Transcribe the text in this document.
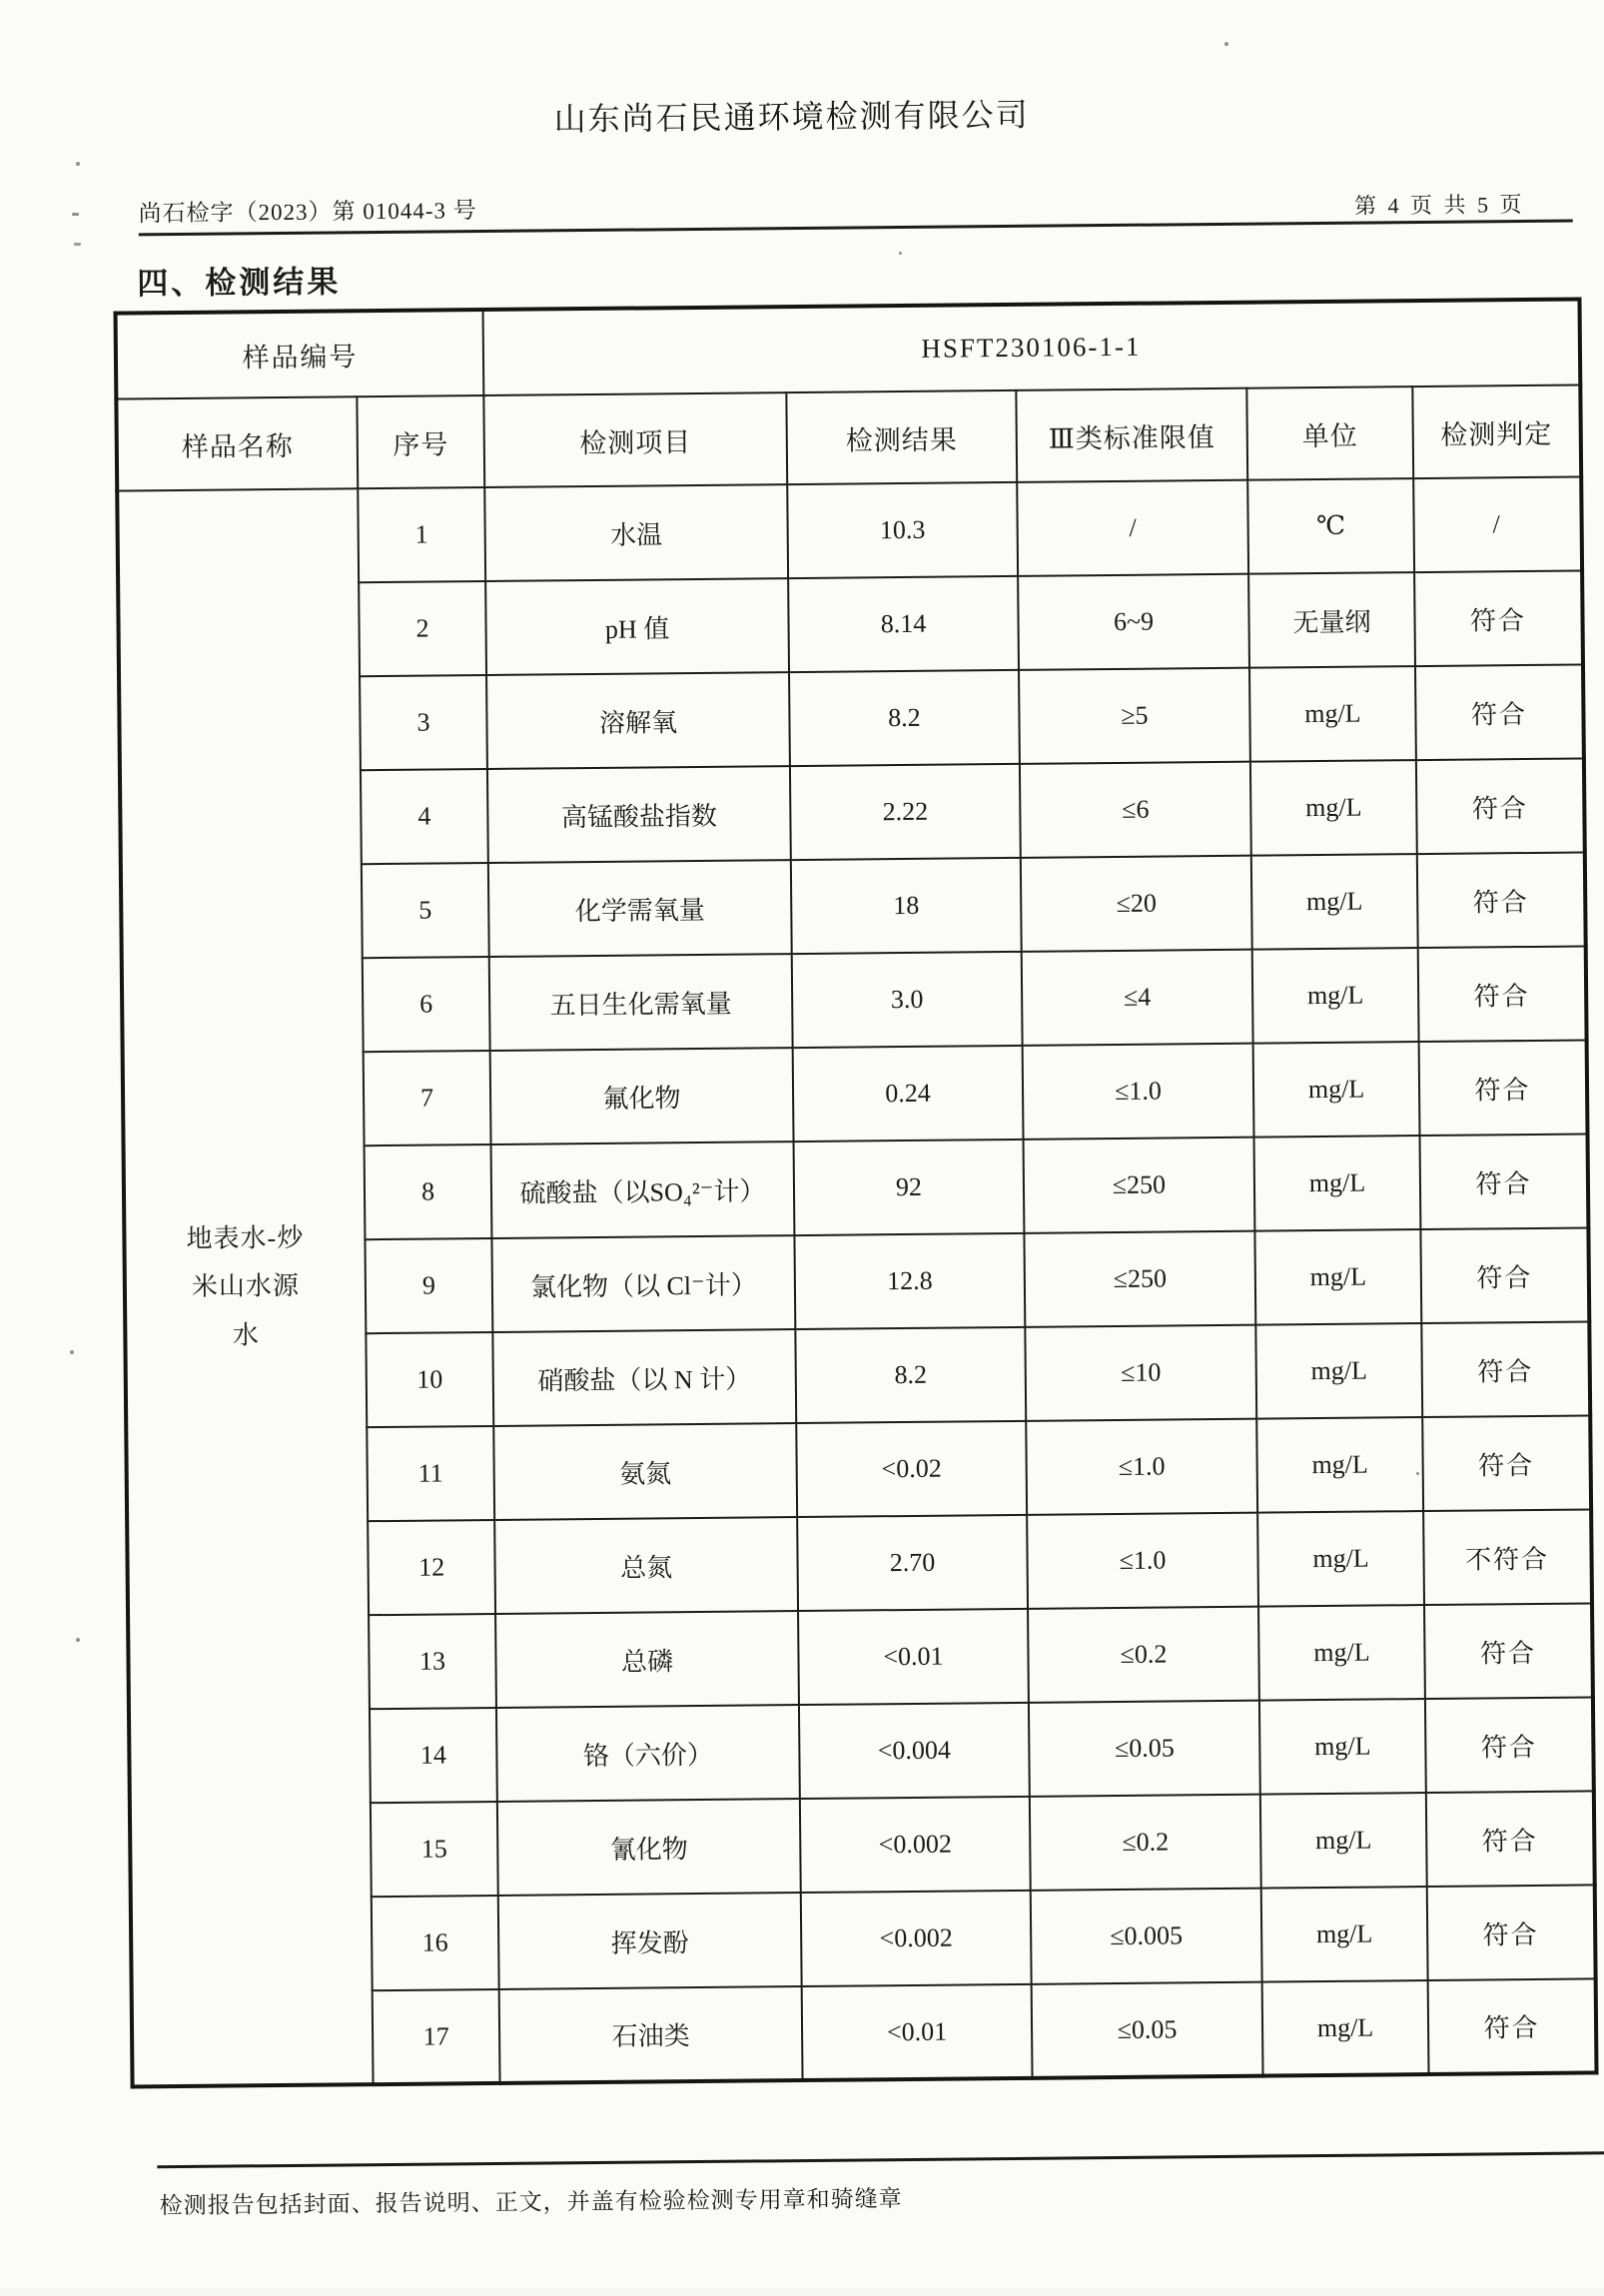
山东尚石民通环境检测有限公司
尚石检字（2023）第 01044-3 号	第 4 页 共 5 页
四、检测结果
样品编号		HSFT230106-1-1				
样品名称	序号	检测项目	检测结果	Ⅲ类标准限值	单位	检测判定

地表水-炒米山水源水	1	水温	10.3	/	℃	/
	2	pH 值	8.14	6~9	无量纲	符合
	3	溶解氧	8.2	≥5	mg/L	符合
	4	高锰酸盐指数	2.22	≤6	mg/L	符合
	5	化学需氧量	18	≤20	mg/L	符合
	6	五日生化需氧量	3.0	≤4	mg/L	符合
	7	氟化物	0.24	≤1.0	mg/L	符合
	8	硫酸盐（以SO₄²⁻计）	92	≤250	mg/L	符合
	9	氯化物（以 Cl⁻计）	12.8	≤250	mg/L	符合
	10	硝酸盐（以 N 计）	8.2	≤10	mg/L	符合
	11	氨氮	<0.02	≤1.0	mg/L	符合
	12	总氮	2.70	≤1.0	mg/L	不符合
	13	总磷	<0.01	≤0.2	mg/L	符合
	14	铬（六价）	<0.004	≤0.05	mg/L	符合
	15	氰化物	<0.002	≤0.2	mg/L	符合
	16	挥发酚	<0.002	≤0.005	mg/L	符合
	17	石油类	<0.01	≤0.05	mg/L	符合
检测报告包括封面、报告说明、正文，并盖有检验检测专用章和骑缝章
